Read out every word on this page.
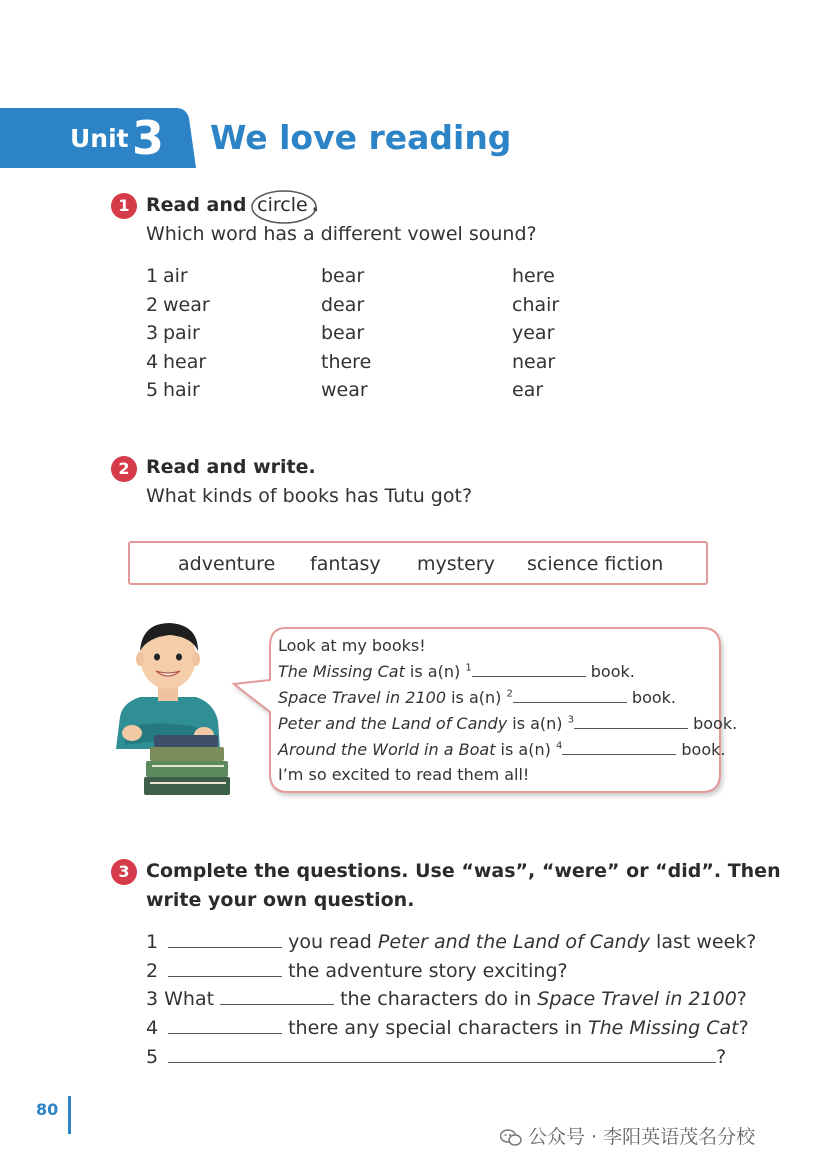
Unit 3 We love reading
1 Read and circle .
Which word has a different vowel sound?
1 air	bear	here
2 wear	dear	chair
3 pair	bear	year
4 hear	there	near
5 hair	wear	ear
2 Read and write.
What kinds of books has Tutu got?
adventure fantasy mystery science fiction
Look at my books!
The Missing Cat is a(n) $^1$	book.
Space Travel in 2100 is a(n) $^2$	book.
Peter and the Land of Candy is a(n) $^3$	book.
Around the World in a Boat is a(n) $^4$	book.
I’m so excited to read them all!
3 Complete the questions. Use “was”, “were” or “did”. Then
write your own question.
1	you read Peter and the Land of Candy last week?
2	the adventure story exciting?
3 What	the characters do in Space Travel in 2100?
4	there any special characters in The Missing Cat?
5	?
80
公众号 · 李阳英语茂名分校
